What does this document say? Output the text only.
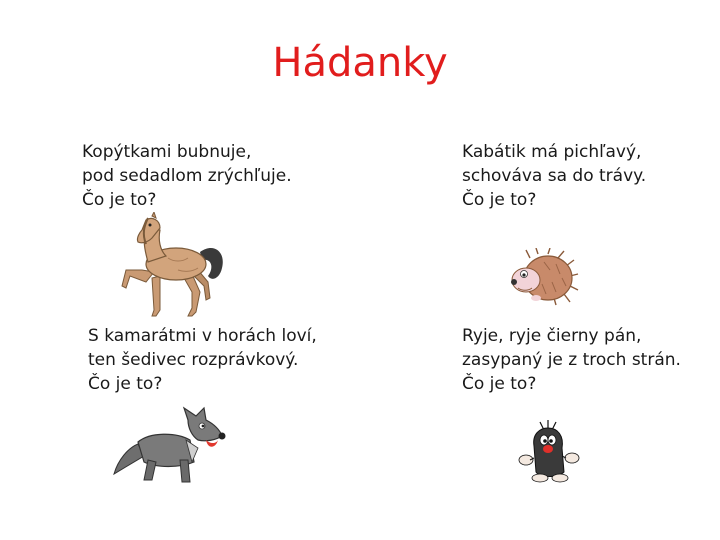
Hádanky
Kopýtkami bubnuje,
pod sedadlom zrýchľuje.
Čo je to?
Kabátik má pichľavý,
schováva sa do trávy.
Čo je to?
S kamarátmi v horách loví,
ten šedivec rozprávkový.
Čo je to?
Ryje, ryje čierny pán,
zasypaný je z troch strán.
Čo je to?
